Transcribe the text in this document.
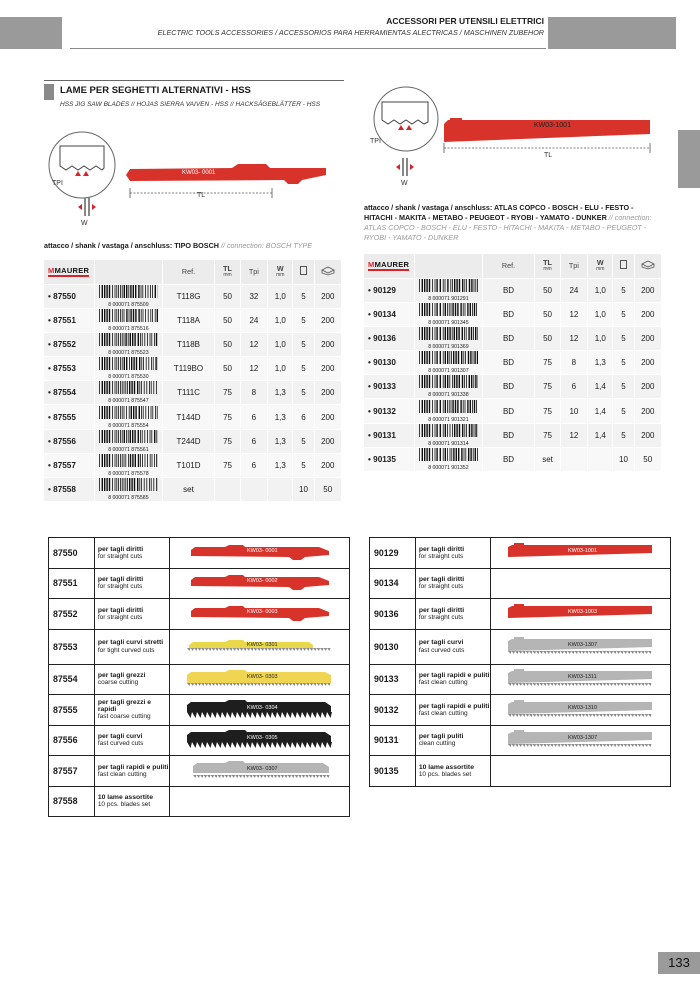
ACCESSORI PER UTENSILI ELETTRICI
ELECTRIC TOOLS ACCESSORIES / ACCESSORIOS PARA HERRAMIENTAS ALECTRICAS / MASCHINEN ZUBEHOR
LAME PER SEGHETTI ALTERNATIVI - HSS
HSS JIG SAW BLADES // HOJAS SIERRA VAIVEN - HSS // HACKSÄGEBLÄTTER - HSS
TPI
W
TL
KW03- 0001
TPI
W
TL
KW03-1001
attacco / shank / vastaga / anschluss: TIPO BOSCH // connection: BOSCH TYPE
attacco / shank / vastaga / anschluss: ATLAS COPCO - BOSCH - ELU - FESTO - HITACHI - MAKITA - METABO - PEUGEOT - RYOBI - YAMATO - DUNKER // connection: ATLAS COPCO - BOSCH - ELU - FESTO - HITACHI - MAKITA - METABO - PEUGEOT - RYOBI - YAMATO - DUNKER
MMAURER		Ref.	TL
mm	Tpi	W
mm

• 87550	8 000071 875509	T118G	50	32	1,0	5	200
• 87551	8 000071 875516	T118A	50	24	1,0	5	200
• 87552	8 000071 875523	T118B	50	12	1,0	5	200
• 87553	8 000071 875530	T119BO	50	12	1,0	5	200
• 87554	8 000071 875547	T111C	75	8	1,3	5	200
• 87555	8 000071 875554	T144D	75	6	1,3	6	200
• 87556	8 000071 875561	T244D	75	6	1,3	5	200
• 87557	8 000071 875578	T101D	75	6	1,3	5	200
• 87558	8 000071 875585	set				10	50
MMAURER		Ref.	TL
mm	Tpi	W
mm

• 90129	8 000071 901291	BD	50	24	1,0	5	200
• 90134	8 000071 901345	BD	50	12	1,0	5	200
• 90136	8 000071 901369	BD	50	12	1,0	5	200
• 90130	8 000071 901307	BD	75	8	1,3	5	200
• 90133	8 000071 901338	BD	75	6	1,4	5	200
• 90132	8 000071 901321	BD	75	10	1,4	5	200
• 90131	8 000071 901314	BD	75	12	1,4	5	200
• 90135	8 000071 901352	BD	set			10	50
87550	per tagli diritti
for straight cuts	KW03- 0001

87551	per tagli diritti
for straight cuts	KW03- 0002

87552	per tagli diritti
for straight cuts	KW03- 0003

87553	per tagli curvi stretti
for tight curved cuts	KW03- 0301

87554	per tagli grezzi
coarse cutting	KW03- 0303

87555	per tagli grezzi e rapidi
fast coarse cutting	KW03- 0304

87556	per tagli curvi
fast curved cuts	KW03- 0305

87557	per tagli rapidi e puliti
fast clean cutting	KW03- 0307

87558	10 lame assortite
10 pcs. blades set	
90129	per tagli diritti
for straight cuts	KW03-1001

90134	per tagli diritti
for straight cuts	

90136	per tagli diritti
for straight cuts	KW03-1003

90130	per tagli curvi
fast curved cuts	KW03-1307

90133	per tagli rapidi e puliti
fast clean cutting	KW03-1311

90132	per tagli rapidi e puliti
fast clean cutting	KW03-1310

90131	per tagli puliti
clean cutting	KW03-1307

90135	10 lame assortite
10 pcs. blades set	
133
